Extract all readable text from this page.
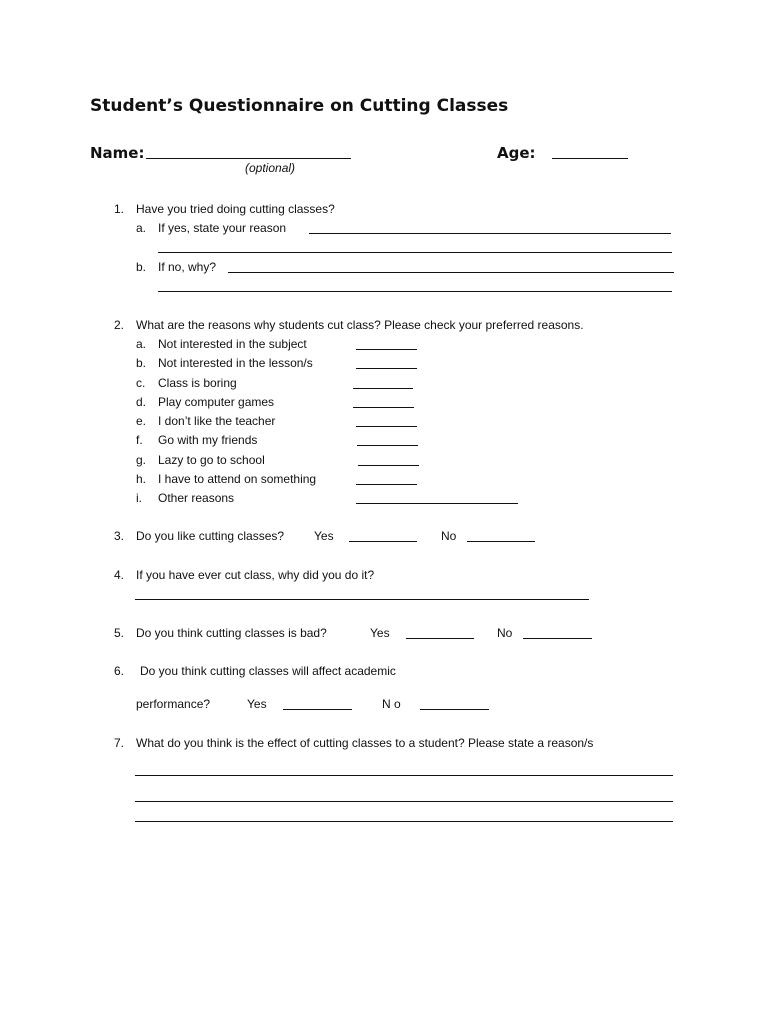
Student’s Questionnaire on Cutting Classes
Name:
(optional)
Age:
1. Have you tried doing cutting classes?
a. If yes, state your reason
b. If no, why?
2. What are the reasons why students cut class? Please check your preferred reasons.
a. Not interested in the subject
b. Not interested in the lesson/s
c. Class is boring
d. Play computer games
e. I don’t like the teacher
f. Go with my friends
g. Lazy to go to school
h. I have to attend on something
i. Other reasons
3. Do you like cutting classes? Yes	No
4. If you have ever cut class, why did you do it?
5. Do you think cutting classes is bad?	Yes	No
6. Do you think cutting classes will affect academic
performance?	Yes	N o
7. What do you think is the effect of cutting classes to a student? Please state a reason/s
